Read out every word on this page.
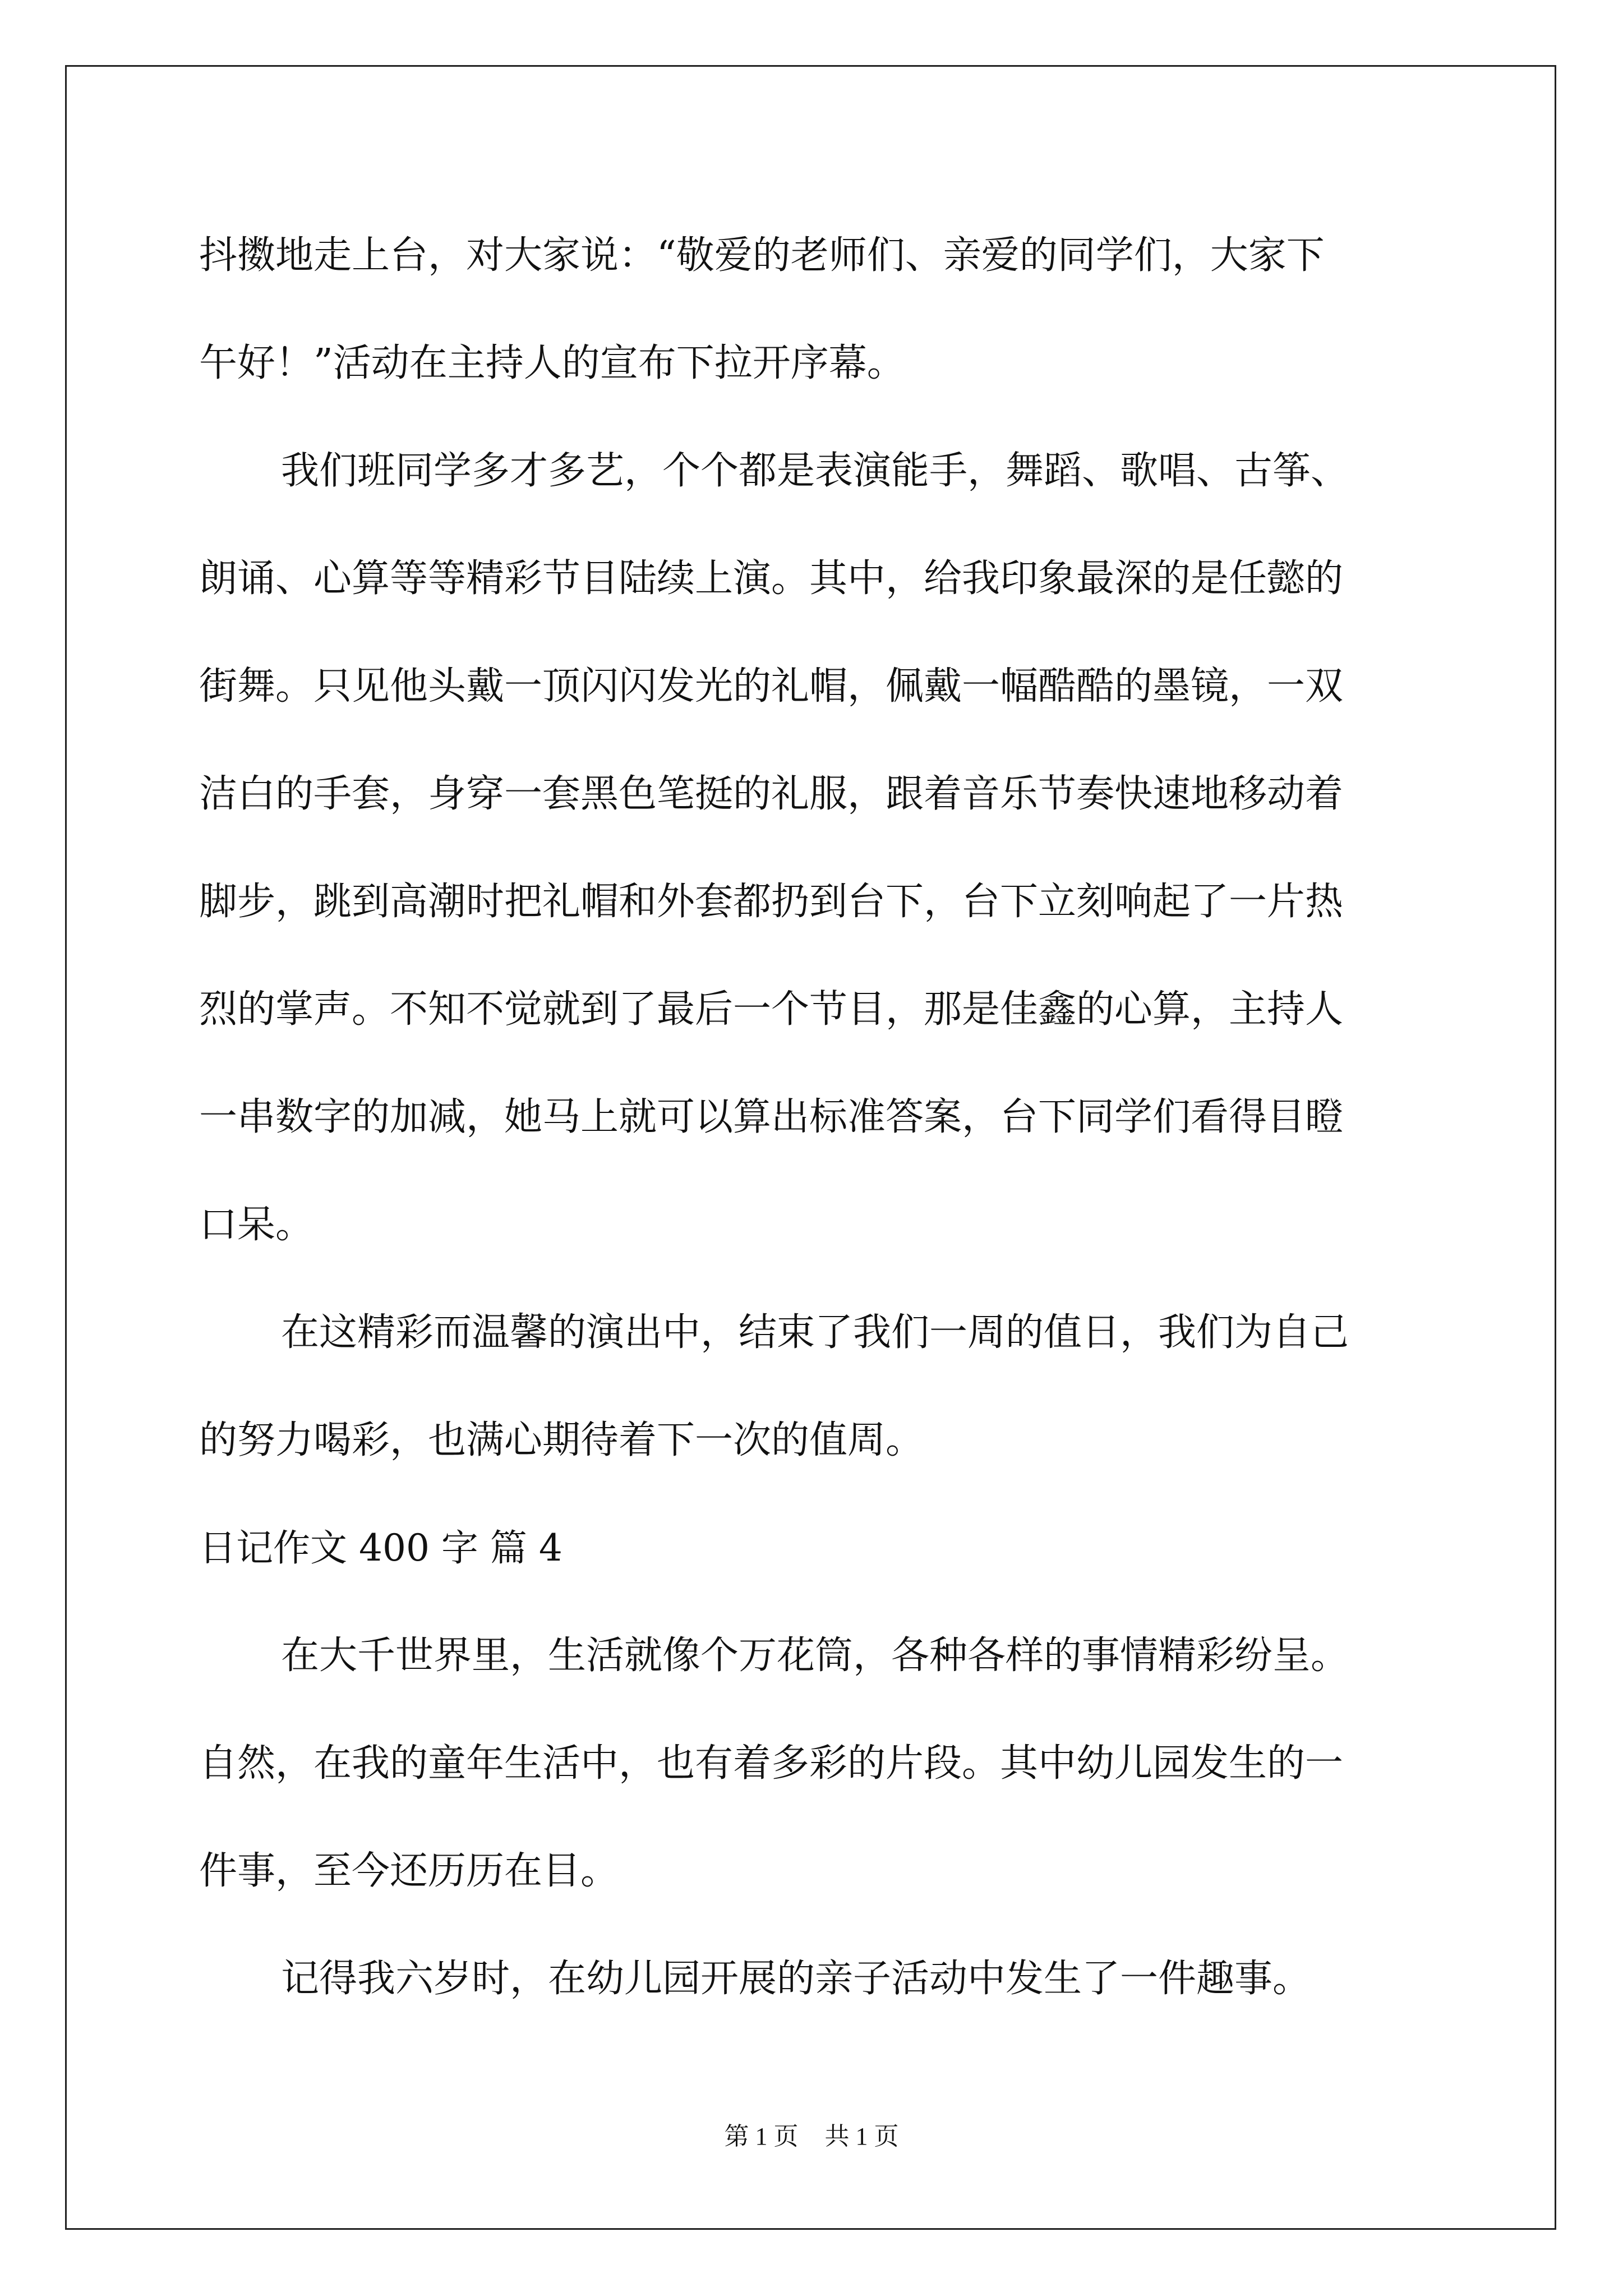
抖擞地走上台，对大家说：“敬爱的老师们、亲爱的同学们，大家下
午好！”活动在主持人的宣布下拉开序幕。
我们班同学多才多艺，个个都是表演能手，舞蹈、歌唱、古筝、
朗诵、心算等等精彩节目陆续上演。其中，给我印象最深的是任懿的
街舞。只见他头戴一顶闪闪发光的礼帽，佩戴一幅酷酷的墨镜，一双
洁白的手套，身穿一套黑色笔挺的礼服，跟着音乐节奏快速地移动着
脚步，跳到高潮时把礼帽和外套都扔到台下，台下立刻响起了一片热
烈的掌声。不知不觉就到了最后一个节目，那是佳鑫的心算，主持人
一串数字的加减，她马上就可以算出标准答案，台下同学们看得目瞪
口呆。
在这精彩而温馨的演出中，结束了我们一周的值日，我们为自己
的努力喝彩，也满心期待着下一次的值周。
日记作文 400 字 篇 4
在大千世界里，生活就像个万花筒，各种各样的事情精彩纷呈。
自然，在我的童年生活中，也有着多彩的片段。其中幼儿园发生的一
件事，至今还历历在目。
记得我六岁时，在幼儿园开展的亲子活动中发生了一件趣事。
第 1 页 共 1 页
